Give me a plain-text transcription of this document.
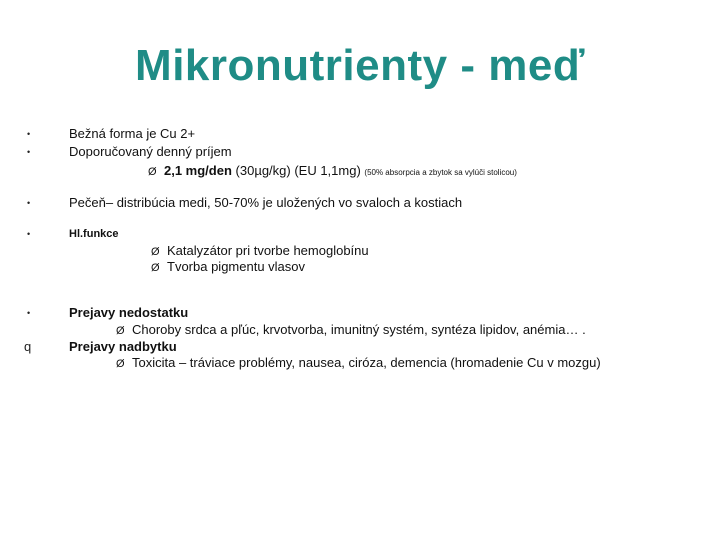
Mikronutrienty - meď
•	Bežná forma je Cu 2+
•	Doporučovaný denný príjem
Ø 2,1 mg/den (30µg/kg) (EU 1,1mg) (50% absorpcia a zbytok sa vylúči stolicou)
•	Pečeň– distribúcia medi, 50-70% je uložených vo svaloch a kostiach
•	Hl.funkce
Ø Katalyzátor pri tvorbe hemoglobínu
Ø Tvorba pigmentu vlasov
•	Prejavy nedostatku
Ø Choroby srdca a pľúc, krvotvorba, imunitný systém, syntéza lipidov, anémia… .
q	Prejavy nadbytku
Ø Toxicita – tráviace problémy, nausea, ciróza, demencia (hromadenie Cu v mozgu)
